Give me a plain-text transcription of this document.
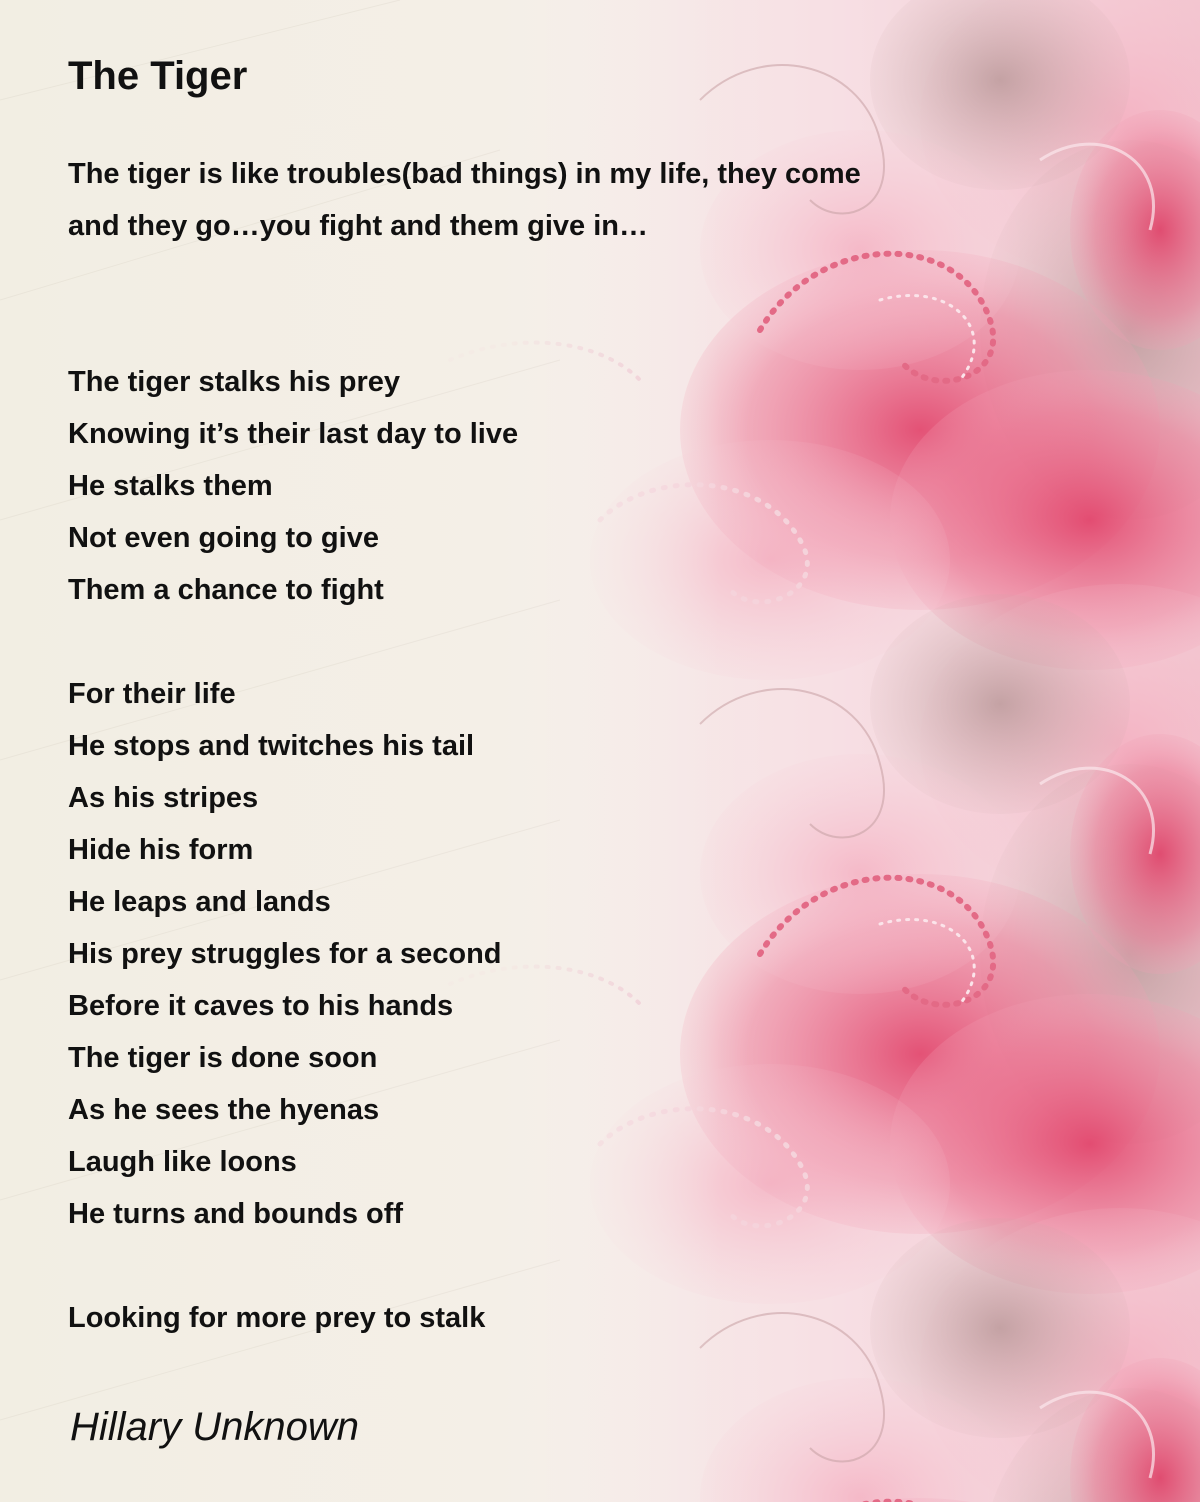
The Tiger

The tiger is like troubles(bad things) in my life, they come

and they go…you fight and them give in…

The tiger stalks his prey

Knowing it’s their last day to live

He stalks them

Not even going to give

Them a chance to fight

For their life

He stops and twitches his tail

As his stripes

Hide his form

He leaps and lands

His prey struggles for a second

Before it caves to his hands

The tiger is done soon

As he sees the hyenas

Laugh like loons

He turns and bounds off

Looking for more prey to stalk

Hillary Unknown
